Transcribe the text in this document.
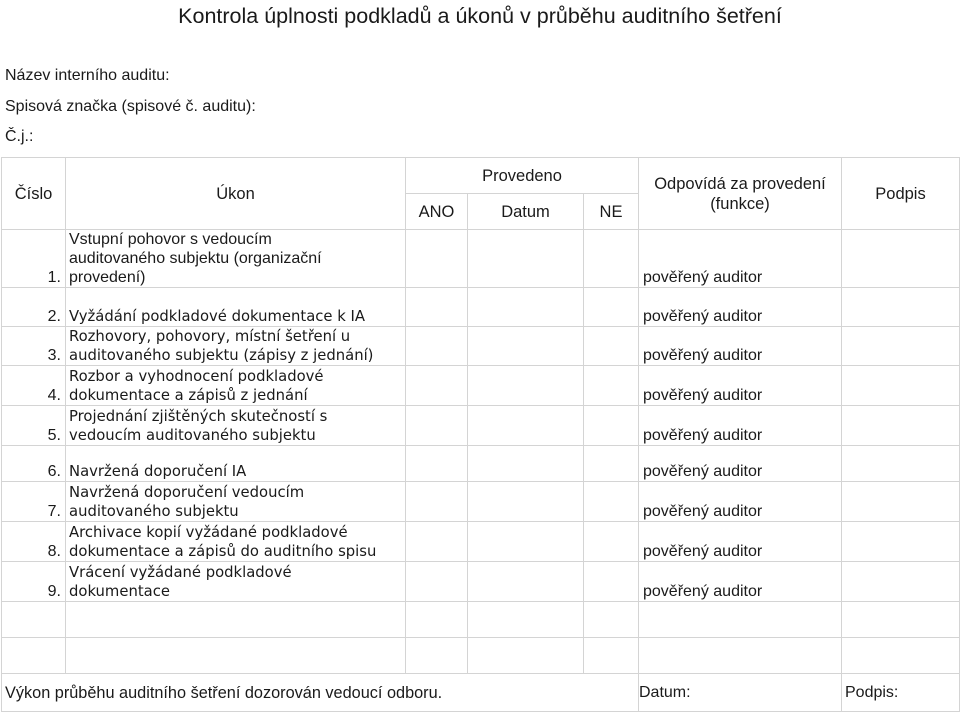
Kontrola úplnosti podkladů a úkonů v průběhu auditního šetření
Název interního auditu:
Spisová značka (spisové č. auditu):
Č.j.:
Číslo	Úkon	Provedeno			Odpovídá za provedení (funkce)	Podpis
		ANO	Datum	NE		
1.	Vstupní pohovor s vedoucím
auditovaného subjektu (organizační
provedení)				pověřený auditor	
2.	Vyžádání podkladové dokumentace k IA				pověřený auditor	
3.	Rozhovory, pohovory, místní šetření u
auditovaného subjektu (zápisy z jednání)				pověřený auditor	
4.	Rozbor a vyhodnocení podkladové
dokumentace a zápisů z jednání				pověřený auditor	
5.	Projednání zjištěných skutečností s
vedoucím auditovaného subjektu				pověřený auditor	
6.	Navržená doporučení IA				pověřený auditor	
7.	Navržená doporučení vedoucím
auditovaného subjektu				pověřený auditor	
8.	Archivace kopií vyžádané podkladové
dokumentace a zápisů do auditního spisu				pověřený auditor	
9.	Vrácení vyžádané podkladové
dokumentace				pověřený auditor	

Výkon průběhu auditního šetření dozorován vedoucí odboru.					Datum:	Podpis:
